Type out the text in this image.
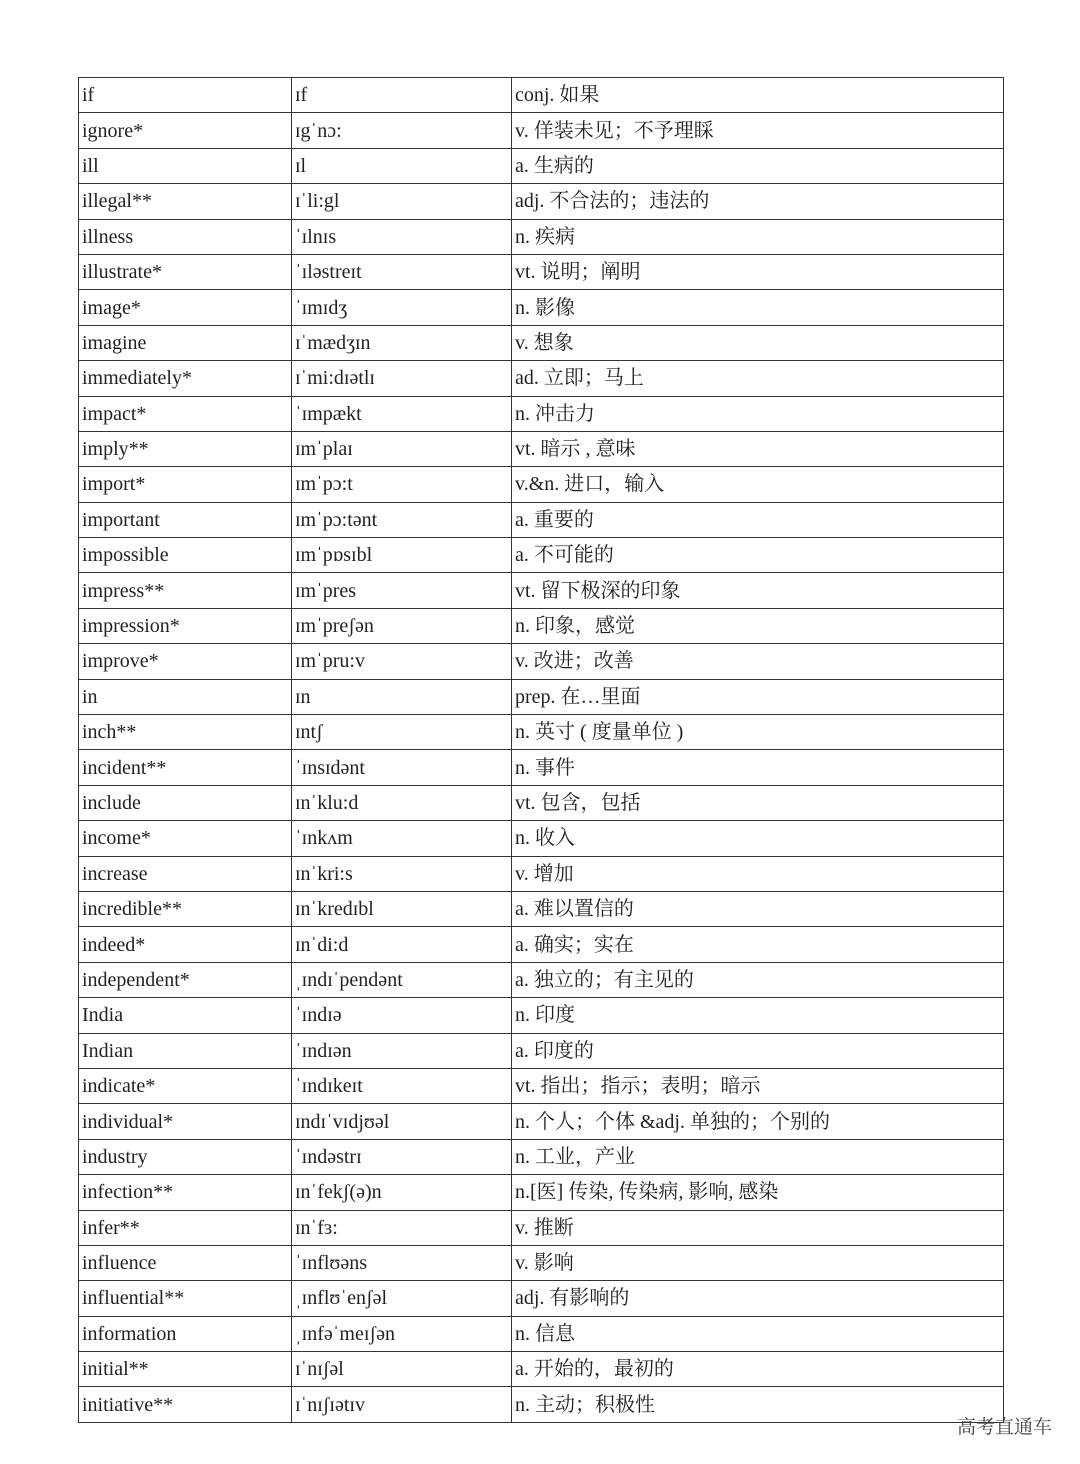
if	ɪf	conj. 如果
ignore*	ɪgˈnɔ:	v. 佯装未见；不予理睬
ill	ɪl	a. 生病的
illegal**	ɪˈli:gl	adj. 不合法的；违法的
illness	ˈɪlnɪs	n. 疾病
illustrate*	ˈɪləstreɪt	vt. 说明；阐明
image*	ˈɪmɪdʒ	n. 影像
imagine	ɪˈmædʒɪn	v. 想象
immediately*	ɪˈmi:dɪətlɪ	ad. 立即；马上
impact*	ˈɪmpækt	n. 冲击力
imply**	ɪmˈplaɪ	vt. 暗示 , 意味
import*	ɪmˈpɔ:t	v.&n. 进口，输入
important	ɪmˈpɔ:tənt	a. 重要的
impossible	ɪmˈpɒsɪbl	a. 不可能的
impress**	ɪmˈpres	vt. 留下极深的印象
impression*	ɪmˈpreʃən	n. 印象，感觉
improve*	ɪmˈpru:v	v. 改进；改善
in	ɪn	prep. 在…里面
inch**	ɪntʃ	n. 英寸 ( 度量单位 )
incident**	ˈɪnsɪdənt	n. 事件
include	ɪnˈklu:d	vt. 包含，包括
income*	ˈɪnkʌm	n. 收入
increase	ɪnˈkri:s	v. 增加
incredible**	ɪnˈkredɪbl	a. 难以置信的
indeed*	ɪnˈdi:d	a. 确实；实在
independent*	ˌɪndɪˈpendənt	a. 独立的；有主见的
India	ˈɪndɪə	n. 印度
Indian	ˈɪndɪən	a. 印度的
indicate*	ˈɪndɪkeɪt	vt. 指出；指示；表明；暗示
individual*	ɪndɪˈvɪdjʊəl	n. 个人；个体 &adj. 单独的；个别的
industry	ˈɪndəstrɪ	n. 工业，产业
infection**	ɪnˈfekʃ(ə)n	n.[医] 传染, 传染病, 影响, 感染
infer**	ɪnˈfɜ:	v. 推断
influence	ˈɪnflʊəns	v. 影响
influential**	ˌɪnflʊˈenʃəl	adj. 有影响的
information	ˌɪnfəˈmeɪʃən	n. 信息
initial**	ɪˈnɪʃəl	a. 开始的，最初的
initiative**	ɪˈnɪʃɪətɪv	n. 主动；积极性
高考直通车
